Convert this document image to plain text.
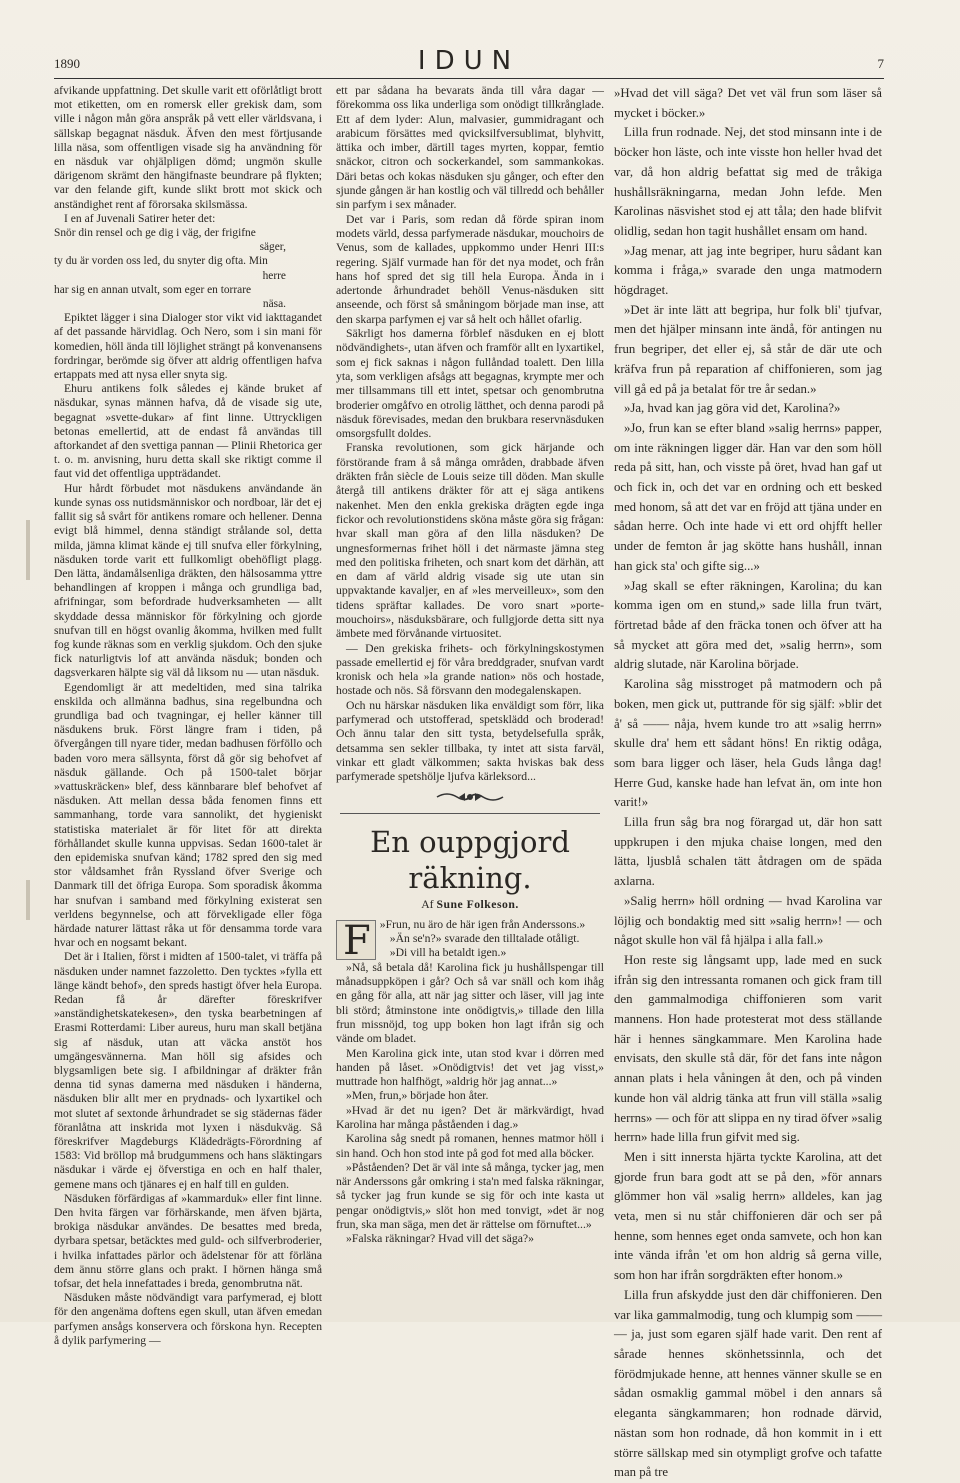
1890	IDUN	7

afvikande uppfattning. Det skulle varit ett oförlåtligt brott mot etiketten, om en romersk eller grekisk dam, som ville i någon mån göra anspråk på vett eller världsvana, i sällskap begagnat näsduk. Äfven den mest förtjusande lilla näsa, som offentligen visade sig ha användning för en näsduk var ohjälpligen dömd; ungmön skulle därigenom skrämt den hängifnaste beundrare på flykten; var den felande gift, kunde slikt brott mot skick och anständighet rent af förorsaka skilsmässa.

I en af Juvenali Satirer heter det:

Snör din rensel och ge dig i väg, der frigifne
säger,
ty du är vorden oss led, du snyter dig ofta. Min
herre
har sig en annan utvalt, som eger en torrare
näsa.

Epiktet lägger i sina Dialoger stor vikt vid iakttagandet af det passande härvidlag. Och Nero, som i sin mani för komedien, höll ända till löjlighet strängt på konvenansens fordringar, berömde sig öfver att aldrig offentligen hafva ertappats med att nysa eller snyta sig.

Ehuru antikens folk således ej kände bruket af näsdukar, synas männen hafva, då de visade sig ute, begagnat »svette-dukar» af fint linne. Uttryckligen betonas emellertid, att de endast få användas till aftorkandet af den svettiga pannan — Plinii Rhetorica ger t. o. m. anvisning, huru detta skall ske riktigt comme il faut vid det offentliga uppträdandet.

Hur hårdt förbudet mot näsdukens användande än kunde synas oss nutidsmänniskor och nordboar, lär det ej fallit sig så svårt för antikens romare och hellener. Denna evigt blå himmel, denna ständigt strålande sol, detta milda, jämna klimat kände ej till snufva eller förkylning, näsduken torde varit ett fullkomligt obehöfligt plagg. Den lätta, ändamålsenliga dräkten, den hälsosamma yttre behandlingen af kroppen i många och grundliga bad, afrifningar, som befordrade hudverksamheten — allt skyddade dessa människor för förkylning och gjorde snufvan till en högst ovanlig åkomma, hvilken med fullt fog kunde räknas som en verklig sjukdom. Och den sjuke fick naturligtvis lof att använda näsduk; bonden och dagsverkaren hälpte sig väl då liksom nu — utan näsduk.

Egendomligt är att medeltiden, med sina talrika enskilda och allmänna badhus, sina regelbundna och grundliga bad och tvagningar, ej heller känner till näsdukens bruk. Först längre fram i tiden, på öfvergången till nyare tider, medan badhusen förföllo och baden voro mera sällsynta, först då gör sig behofvet af näsduk gällande. Och på 1500-talet börjar »vattuskräcken» blef, dess kännbarare blef behofvet af näsduken. Att mellan dessa båda fenomen finns ett sammanhang, torde vara sannolikt, det hygieniskt statistiska materialet är för litet för att direkta förhållandet skulle kunna uppvisas. Sedan 1600-talet är den epidemiska snufvan känd; 1782 spred den sig med stor våldsamhet från Ryssland öfver Sverige och Danmark till det öfriga Europa. Som sporadisk åkomma har snufvan i samband med förkylning existerat sen verldens begynnelse, och att förvekligade eller föga härdade naturer lättast råka ut för densamma torde vara hvar och en nogsamt bekant.

Det är i Italien, först i midten af 1500-talet, vi träffa på näsduken under namnet fazzoletto. Den tycktes »fylla ett länge kändt behof», den spreds hastigt öfver hela Europa. Redan få år därefter föreskrifver »anständighetskatekesen», den tyska bearbetningen af Erasmi Rotterdami: Liber aureus, huru man skall betjäna sig af näsduk, utan att väcka anstöt hos umgängesvännerna. Man höll sig afsides och blygsamligen bete sig. I afbildningar af dräkter från denna tid synas damerna med näsduken i händerna, näsduken blir allt mer en prydnads- och lyxartikel och mot slutet af sextonde århundradet se sig städernas fäder föranlåtna att inskrida mot lyxen i näsdukväg. Så föreskrifver Magdeburgs Klädedrägts-Förordning af 1583: Vid bröllop må brudgummens och hans släktingars näsdukar i värde ej öfverstiga en och en half thaler, gemene mans och tjänares ej en half till en gulden.

Näsduken förfärdigas af »kammarduk» eller fint linne. Den hvita färgen var förhärskande, men äfven bjärta, brokiga näsdukar användes. De besattes med breda, dyrbara spetsar, betäcktes med guld- och silfverbroderier, i hvilka infattades pärlor och ädelstenar för att förläna dem ännu större glans och prakt. I hörnen hänga små tofsar, det hela innefattades i breda, genombrutna nät.

Näsduken måste nödvändigt vara parfymerad, ej blott för den angenäma doftens egen skull, utan äfven emedan parfymen ansågs konservera och förskona hyn. Recepten å dylik parfymering —

ett par sådana ha bevarats ända till våra dagar — förekomma oss lika underliga som onödigt tillkrånglade. Ett af dem lyder: Alun, malvasier, gummidragant och arabicum försättes med qvicksilfversublimat, blyhvitt, ättika och imber, därtill tages myrten, koppar, femtio snäckor, citron och sockerkandel, som sammankokas. Däri betas och kokas näsduken sju gånger, och efter den sjunde gången är han kostlig och väl tillredd och behåller sin parfym i sex månader.

Det var i Paris, som redan då förde spiran inom modets värld, dessa parfymerade näsdukar, mouchoirs de Venus, som de kallades, uppkommo under Henri III:s regering. Själf vurmade han för det nya modet, och från hans hof spred det sig till hela Europa. Ända in i adertonde århundradet behöll Venus-näsduken sitt anseende, och först så småningom började man inse, att den skarpa parfymen ej var så helt och hållet ofarlig.

Säkrligt hos damerna förblef näsduken en ej blott nödvändighets-, utan äfven och framför allt en lyxartikel, som ej fick saknas i någon fullåndad toalett. Den lilla yta, som verkligen afsågs att begagnas, krympte mer och mer tillsammans till ett intet, spetsar och genombrutna broderier omgåfvo en otrolig lätthet, och denna parodi på näsduk förevisades, medan den brukbara reservnäsduken omsorgsfullt doldes.

Franska revolutionen, som gick härjande och förstörande fram å så många områden, drabbade äfven dräkten från siècle de Louis seize till döden. Man skulle återgå till antikens dräkter för att ej säga antikens nakenhet. Men den enkla grekiska drägten egde inga fickor och revolutionstidens sköna måste göra sig frågan: hvar skall man göra af den lilla näsduken? De ungnesformernas frihet höll i det närmaste jämna steg med den politiska friheten, och snart kom det därhän, att en dam af värld aldrig visade sig ute utan sin uppvaktande kavaljer, en af »les merveilleux», som den tidens spräftar kallades. De voro snart »porte-mouchoirs», näsduksbärare, och fullgjorde detta sitt nya ämbete med förvånande virtuositet.

— Den grekiska frihets- och förkylningskostymen passade emellertid ej för våra breddgrader, snufvan vardt kronisk och hela »la grande nation» nös och hostade, hostade och nös. Så försvann den modegalenskapen.

Och nu härskar näsduken lika enväldigt som förr, lika parfymerad och utstofferad, spetsklädd och broderad! Och ännu talar den sitt tysta, betydelsefulla språk, detsamma sen sekler tillbaka, ty intet att sista farväl, vinkar ett gladt välkommen; sakta hviskas bak dess parfymerade spetshölje ljufva kärleksord...

En ouppgjord räkning.
Af Sune Folkeson.

F »Frun, nu äro de här igen från Anderssons.»

»Än se'n?» svarade den tilltalade otåligt.

»Di vill ha betaldt igen.»

»Nå, så betala då! Karolina fick ju hushållspengar till månadsuppköpen i går? Och så var snäll och kom ihåg en gång för alla, att när jag sitter och läser, vill jag inte bli störd; åtminstone inte onödigtvis,» tillade den lilla frun missnöjd, tog upp boken hon lagt ifrån sig och vände om bladet.

Men Karolina gick inte, utan stod kvar i dörren med handen på låset. »Onödigtvis! det vet jag visst,» muttrade hon halfhögt, »aldrig hör jag annat...»

»Men, frun,» började hon åter.

»Hvad är det nu igen? Det är märkvärdigt, hvad Karolina har många påståenden i dag.»

Karolina såg snedt på romanen, hennes matmor höll i sin hand. Och hon stod inte på god fot med alla böcker.

»Påståenden? Det är väl inte så många, tycker jag, men när Anderssons går omkring i sta'n med falska räkningar, så tycker jag frun kunde se sig för och inte kasta ut pengar onödigtvis,» slöt hon med tonvigt, »det är nog frun, ska man säga, men det är rättelse om förnuftet...»

»Falska räkningar? Hvad vill det säga?»

»Hvad det vill säga? Det vet väl frun som läser så mycket i böcker.»

Lilla frun rodnade. Nej, det stod minsann inte i de böcker hon läste, och inte visste hon heller hvad det var, då hon aldrig befattat sig med de tråkiga hushållsräkningarna, medan John lefde. Men Karolinas näsvishet stod ej att tåla; den hade blifvit olidlig, sedan hon tagit hushållet ensam om hand.

»Jag menar, att jag inte begriper, huru sådant kan komma i fråga,» svarade den unga matmodern högdraget.

»Det är inte lätt att begripa, hur folk bli' tjufvar, men det hjälper minsann inte ändå, för antingen nu frun begriper, det eller ej, så står de där ute och kräfva frun på reparation af chiffonieren, som jag vill gå ed på ja betalat för tre år sedan.»

»Ja, hvad kan jag göra vid det, Karolina?»

»Jo, frun kan se efter bland »salig herrns» papper, om inte räkningen ligger där. Han var den som höll reda på sitt, han, och visste på öret, hvad han gaf ut och fick in, och det var en ordning och ett besked med honom, så att det var en fröjd att tjäna under en sådan herre. Och inte hade vi ett ord ohjfft heller under de femton år jag skötte hans hushåll, innan han gick sta' och gifte sig...»

»Jag skall se efter räkningen, Karolina; du kan komma igen om en stund,» sade lilla frun tvärt, förtretad både af den fräcka tonen och öfver att ha så mycket att göra med det, »salig herrn», som aldrig slutade, när Karolina började.

Karolina såg misstroget på matmodern och på boken, men gick ut, puttrande för sig själf: »blir det å' så —— nåja, hvem kunde tro att »salig herrn» skulle dra' hem ett sådant höns! En riktig odåga, som bara ligger och läser, hela Guds långa dag! Herre Gud, kanske hade han lefvat än, om inte hon varit!»

Lilla frun såg bra nog förargad ut, där hon satt uppkrupen i den mjuka chaise longen, med den lätta, ljusblå schalen tätt åtdragen om de späda axlarna.

»Salig herrn» höll ordning — hvad Karolina var löjlig och bondaktig med sitt »salig herrn»! — och något skulle hon väl få hjälpa i alla fall.»

Hon reste sig långsamt upp, lade med en suck ifrån sig den intressanta romanen och gick fram till den gammalmodiga chiffonieren som varit mannens. Hon hade protesterat mot dess ställande här i hennes sängkammare. Men Karolina hade envisats, den skulle stå där, för det fans inte någon annan plats i hela våningen åt den, och på vinden kunde hon väl aldrig tänka att frun vill ställa »salig herrns» — och för att slippa en ny tirad öfver »salig herrn» hade lilla frun gifvit med sig.

Men i sitt innersta hjärta tyckte Karolina, att det gjorde frun bara godt att se på den, »för annars glömmer hon väl »salig herrn» alldeles, kan jag veta, men si nu står chiffonieren där och ser på henne, som hennes eget onda samvete, och hon kan inte vända ifrån 'et om hon aldrig så gerna ville, som hon har ifrån sorgdräkten efter honom.»

Lilla frun afskydde just den där chiffonieren. Den var lika gammalmodig, tung och klumpig som —— — ja, just som egaren själf hade varit. Den rent af sårade hennes skönhetssinnla, och det förödmjukade henne, att hennes vänner skulle se en sådan osmaklig gammal möbel i den annars så eleganta sängkammaren; hon rodnade därvid, nästan som hon rodnade, då hon kommit in i ett större sällskap med sin otympligt grofve och tafatte man på tre
